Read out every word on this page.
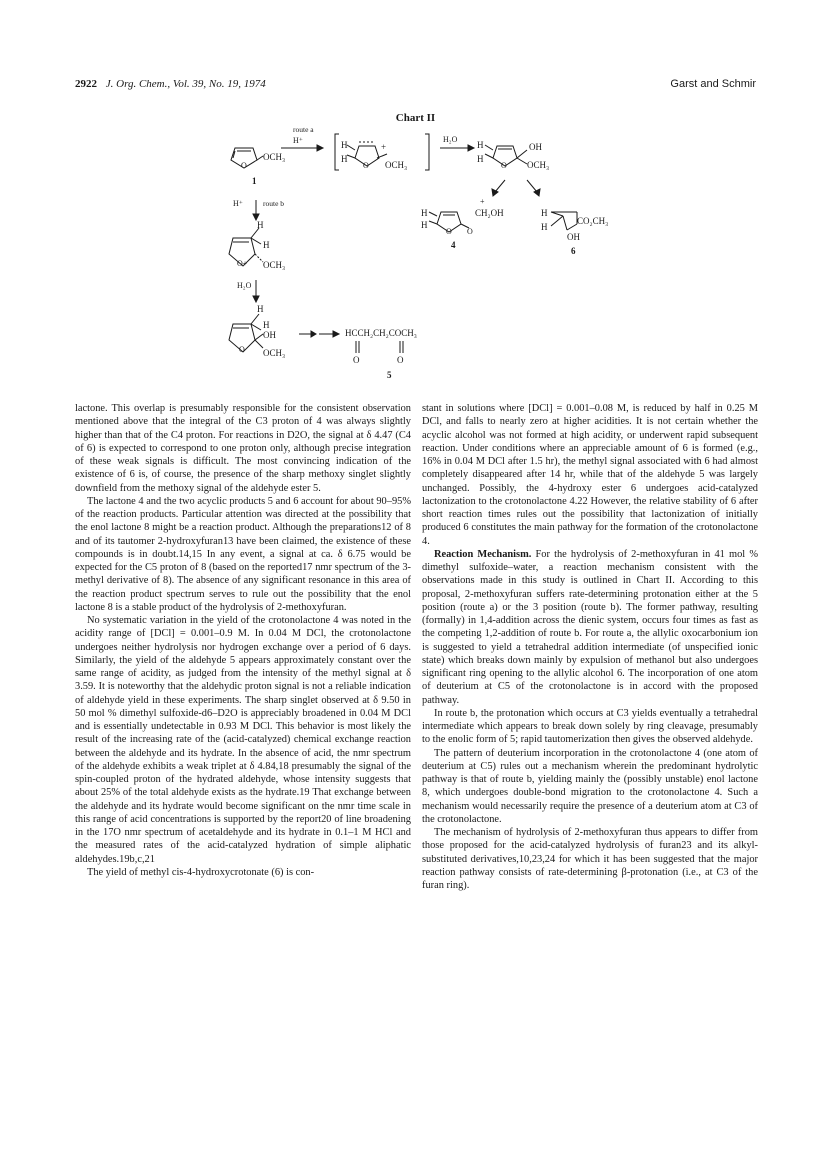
2922 J. Org. Chem., Vol. 39, No. 19, 1974	Garst and Schmir
Chart II
route a
H⁺
OCH₃
O
1
H
H
O
+
OCH₃
H₂O
H
H
O
OH
OCH₃
H
H
O O
+
CH₂OH
4
H
H
CO₂CH₃
OH
6
H⁺	route b
H
H
O+ OCH₃
H₂O
H
H
OH
O OCH₃
HCCH₂CH₂COCH₃
O	O
5

lactone. This overlap is presumably responsible for the consistent observation mentioned above that the integral of the C3 proton of 4 was always slightly higher than that of the C4 proton. For reactions in D2O, the signal at δ 4.47 (C4 of 6) is expected to correspond to one proton only, although precise integration of these weak signals is difficult. The most convincing indication of the existence of 6 is, of course, the presence of the sharp methoxy singlet slightly downfield from the methoxy signal of the aldehyde ester 5.

The lactone 4 and the two acyclic products 5 and 6 account for about 90–95% of the reaction products. Particular attention was directed at the possibility that the enol lactone 8 might be a reaction product. Although the preparations12 of 8 and of its tautomer 2-hydroxyfuran13 have been claimed, the existence of these compounds is in doubt.14,15 In any event, a signal at ca. δ 6.75 would be expected for the C5 proton of 8 (based on the reported17 nmr spectrum of the 3-methyl derivative of 8). The absence of any significant resonance in this area of the reaction product spectrum serves to rule out the possibility that the enol lactone 8 is a stable product of the hydrolysis of 2-methoxyfuran.

No systematic variation in the yield of the crotonolactone 4 was noted in the acidity range of [DCl] = 0.001–0.9 M. In 0.04 M DCl, the crotonolactone undergoes neither hydrolysis nor hydrogen exchange over a period of 6 days. Similarly, the yield of the aldehyde 5 appears approximately constant over the same range of acidity, as judged from the intensity of the methyl signal at δ 3.59. It is noteworthy that the aldehydic proton signal is not a reliable indication of aldehyde yield in these experiments. The sharp singlet observed at δ 9.50 in 50 mol % dimethyl sulfoxide-d6–D2O is appreciably broadened in 0.04 M DCl and is essentially undetectable in 0.93 M DCl. This behavior is most likely the result of the increasing rate of the (acid-catalyzed) chemical exchange reaction between the aldehyde and its hydrate. In the absence of acid, the nmr spectrum of the aldehyde exhibits a weak triplet at δ 4.84,18 presumably the signal of the spin-coupled proton of the hydrated aldehyde, whose intensity suggests that about 25% of the total aldehyde exists as the hydrate.19 That exchange between the aldehyde and its hydrate would become significant on the nmr time scale in this range of acid concentrations is supported by the report20 of line broadening in the 17O nmr spectrum of acetaldehyde and its hydrate in 0.1–1 M HCl and the measured rates of the acid-catalyzed hydration of simple aliphatic aldehydes.19b,c,21

The yield of methyl cis-4-hydroxycrotonate (6) is con-

stant in solutions where [DCl] = 0.001–0.08 M, is reduced by half in 0.25 M DCl, and falls to nearly zero at higher acidities. It is not certain whether the acyclic alcohol was not formed at high acidity, or underwent rapid subsequent reaction. Under conditions where an appreciable amount of 6 is formed (e.g., 16% in 0.04 M DCl after 1.5 hr), the methyl signal associated with 6 had almost completely disappeared after 14 hr, while that of the aldehyde 5 was largely unchanged. Possibly, the 4-hydroxy ester 6 undergoes acid-catalyzed lactonization to the crotonolactone 4.22 However, the relative stability of 6 after short reaction times rules out the possibility that lactonization of initially produced 6 constitutes the main pathway for the formation of the crotonolactone 4.

Reaction Mechanism. For the hydrolysis of 2-methoxyfuran in 41 mol % dimethyl sulfoxide–water, a reaction mechanism consistent with the observations made in this study is outlined in Chart II. According to this proposal, 2-methoxyfuran suffers rate-determining protonation either at the 5 position (route a) or the 3 position (route b). The former pathway, resulting (formally) in 1,4-addition across the dienic system, occurs four times as fast as the competing 1,2-addition of route b. For route a, the allylic oxocarbonium ion is suggested to yield a tetrahedral addition intermediate (of unspecified ionic state) which breaks down mainly by expulsion of methanol but also undergoes significant ring opening to the allylic alcohol 6. The incorporation of one atom of deuterium at C5 of the crotonolactone is in accord with the proposed pathway.

In route b, the protonation which occurs at C3 yields eventually a tetrahedral intermediate which appears to break down solely by ring cleavage, presumably to the enolic form of 5; rapid tautomerization then gives the observed aldehyde.

The pattern of deuterium incorporation in the crotonolactone 4 (one atom of deuterium at C5) rules out a mechanism wherein the predominant hydrolytic pathway is that of route b, yielding mainly the (possibly unstable) enol lactone 8, which undergoes double-bond migration to the crotonolactone 4. Such a mechanism would necessarily require the presence of a deuterium atom at C3 of the crotonolactone.

The mechanism of hydrolysis of 2-methoxyfuran thus appears to differ from those proposed for the acid-catalyzed hydrolysis of furan23 and its alkyl-substituted derivatives,10,23,24 for which it has been suggested that the major reaction pathway consists of rate-determining β-protonation (i.e., at C3 of the furan ring).
